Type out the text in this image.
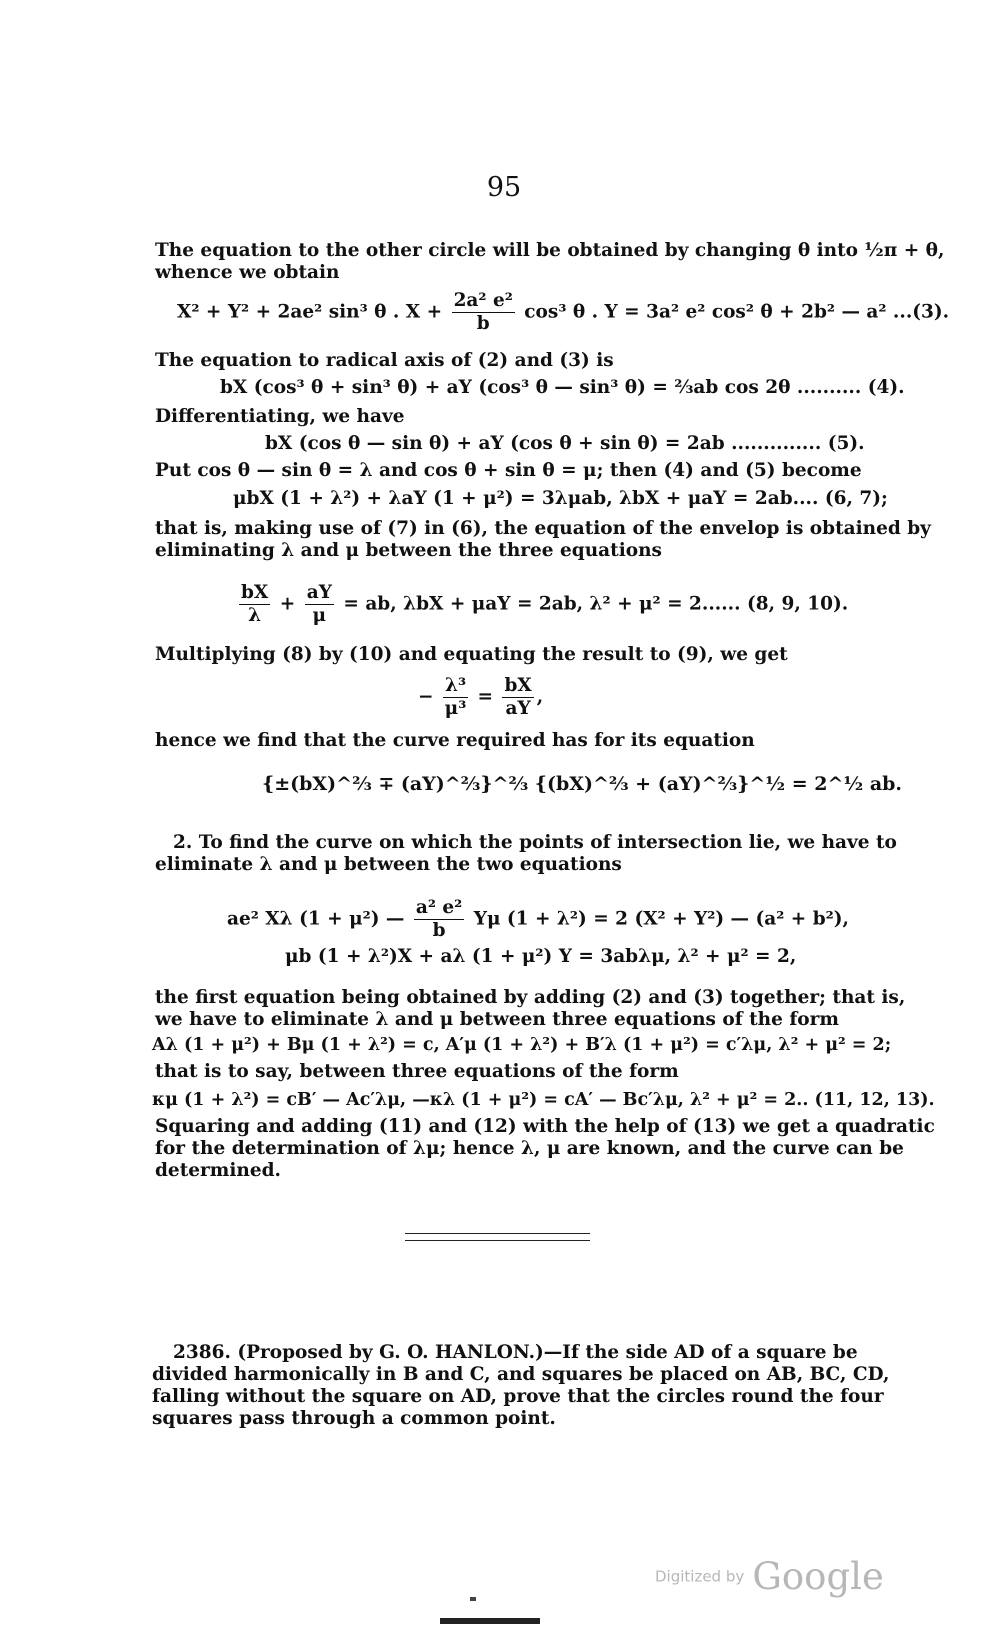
95
The equation to the other circle will be obtained by changing θ into ½π + θ,
whence we obtain
X² + Y² + 2ae² sin³ θ . $X + \frac{\text{2a² e²}}{b} \cos^3$ θ . Y = 3a² e² cos² θ + 2b² — a² ...(3).
The equation to radical axis of (2) and (3) is
bX (cos³ θ + sin³ θ) + aY (cos³ θ — sin³ θ) = ⅔ab cos 2θ .......... (4).
Differentiating, we have
bX (cos θ — sin θ) + aY (cos θ + sin θ) = 2ab .............. (5).
Put cos θ — sin θ = λ and cos θ + sin θ = μ; then (4) and (5) become
μbX (1 + λ²) + λaY (1 + μ²) = 3λμab, λbX + μaY = 2ab.... (6, 7);
that is, making use of (7) in (6), the equation of the envelop is obtained by
eliminating λ and μ between the three equations
$\frac{bX}{\lambda} + \frac{aY}{\mu}$ = ab, λbX + μaY = 2ab, λ² + μ² = 2...... (8, 9, 10).
Multiplying (8) by (10) and equating the result to (9), we get
− $\frac{\text{λ³}}{\text{μ³}} = \frac{bX}{aY}$ ,
hence we find that the curve required has for its equation
{±(bX)^⅔ ∓ (aY)^⅔}^⅔ {(bX)^⅔ + (aY)^⅔}^½ = 2^½ ab.
2. To find the curve on which the points of intersection lie, we have to
eliminate λ and μ between the two equations
ae² Xλ (1 + μ²) — $\frac{\text{a² e²}}{b}$ Yμ (1 + λ²) = 2 (X² + Y²) — (a² + b²),
μb (1 + λ²)X + aλ (1 + μ²) Y = 3abλμ, λ² + μ² = 2,
the first equation being obtained by adding (2) and (3) together; that is,
we have to eliminate λ and μ between three equations of the form
Aλ (1 + μ²) + Bμ (1 + λ²) = c, A′μ (1 + λ²) + B′λ (1 + μ²) = c′λμ, λ² + μ² = 2;
that is to say, between three equations of the form
κμ (1 + λ²) = cB′ — Ac′λμ, —κλ (1 + μ²) = cA′ — Bc′λμ, λ² + μ² = 2.. (11, 12, 13).
Squaring and adding (11) and (12) with the help of (13) we get a quadratic
for the determination of λμ; hence λ, μ are known, and the curve can be
determined.
2386. (Proposed by G. O. HANLON.)—If the side AD of a square be
divided harmonically in B and C, and squares be placed on AB, BC, CD,
falling without the square on AD, prove that the circles round the four
squares pass through a common point.
Digitized by Google
